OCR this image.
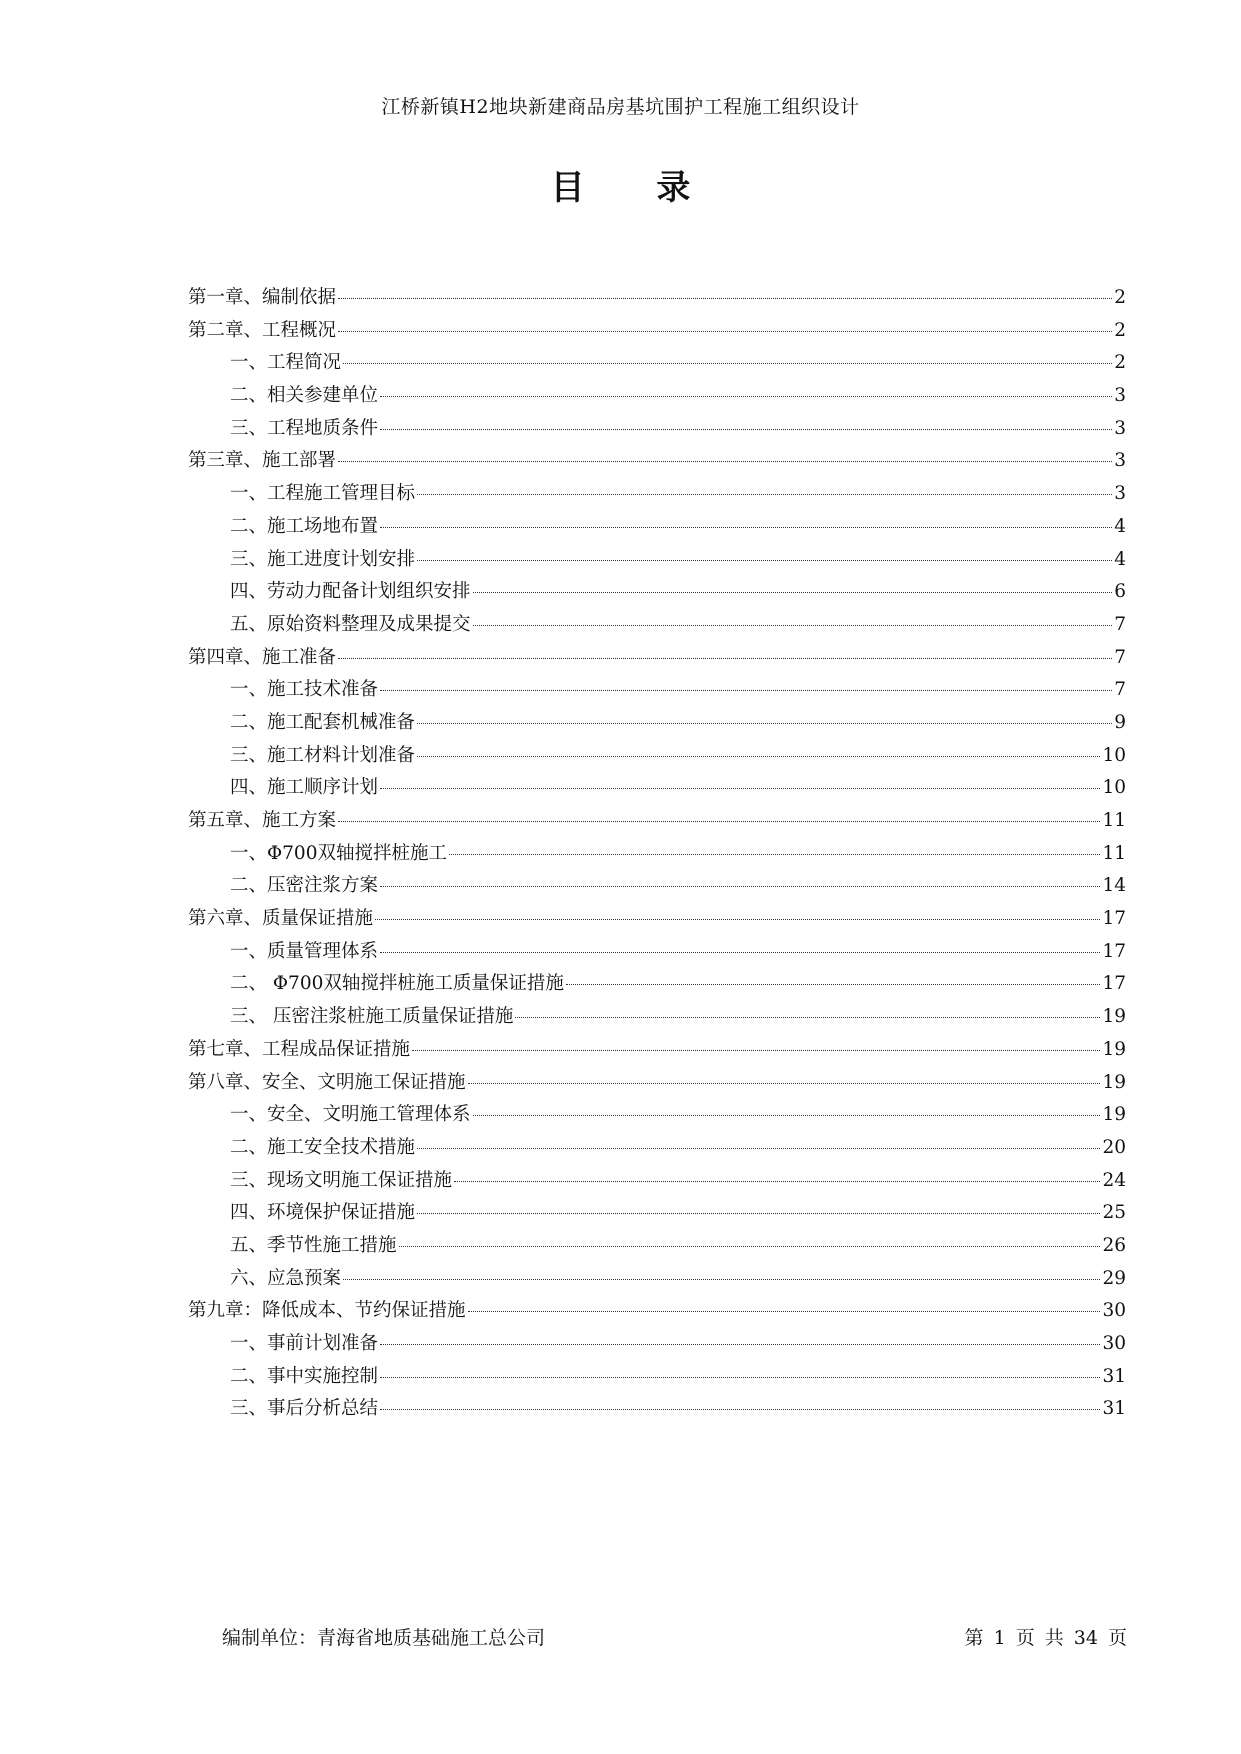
江桥新镇H2地块新建商品房基坑围护工程施工组织设计
目 录
第一章、编制依据	2
第二章、工程概况	2
一、工程简况	2
二、相关参建单位	3
三、工程地质条件	3
第三章、施工部署	3
一、工程施工管理目标	3
二、施工场地布置	4
三、施工进度计划安排	4
四、劳动力配备计划组织安排	6
五、原始资料整理及成果提交	7
第四章、施工准备	7
一、施工技术准备	7
二、施工配套机械准备	9
三、施工材料计划准备	10
四、施工顺序计划	10
第五章、施工方案	11
一、Φ700双轴搅拌桩施工	11
二、压密注浆方案	14
第六章、质量保证措施	17
一、质量管理体系	17
二、 Φ700双轴搅拌桩施工质量保证措施	17
三、 压密注浆桩施工质量保证措施	19
第七章、工程成品保证措施	19
第八章、安全、文明施工保证措施	19
一、安全、文明施工管理体系	19
二、施工安全技术措施	20
三、现场文明施工保证措施	24
四、环境保护保证措施	25
五、季节性施工措施	26
六、应急预案	29
第九章：降低成本、节约保证措施	30
一、事前计划准备	30
二、事中实施控制	31
三、事后分析总结	31
编制单位：青海省地质基础施工总公司	第 1 页 共 34 页
